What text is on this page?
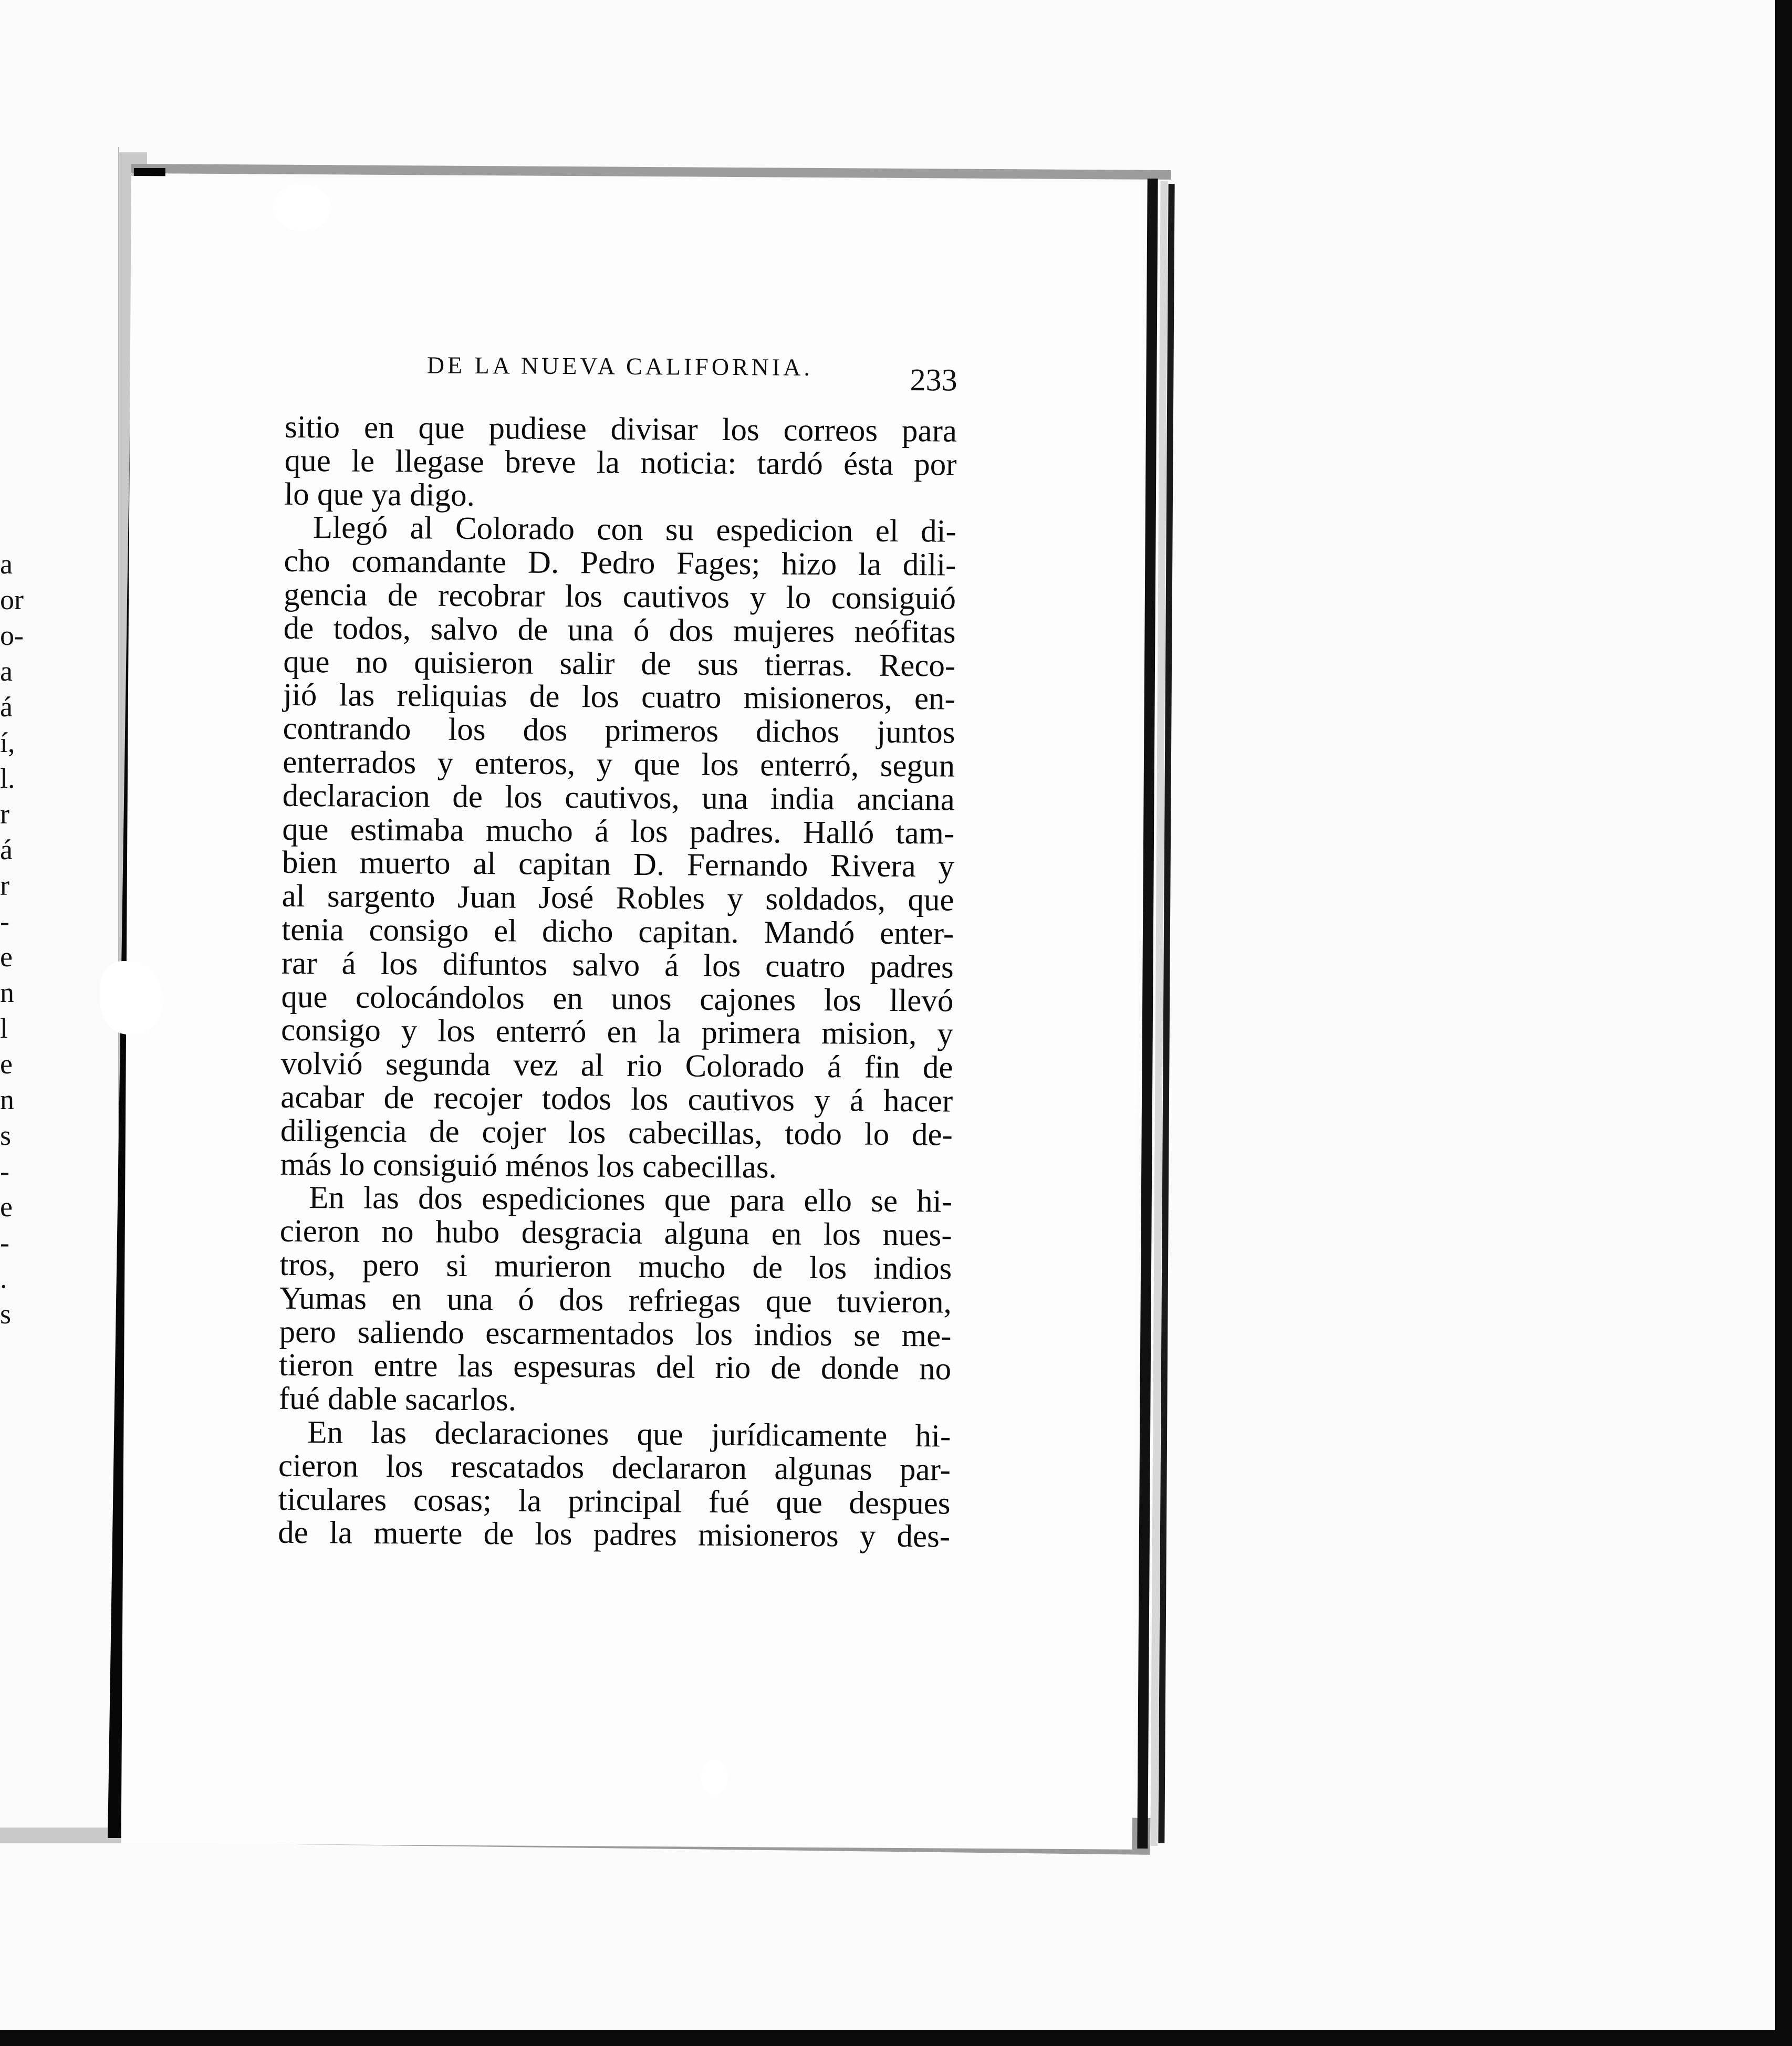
a
or
o-
a
á
í,
l.
r
á
r
-
e
n
l
e
n
s
-
e
-
.
s
DE LA NUEVA CALIFORNIA.	233
sitio en que pudiese divisar los correos para
que le llegase breve la noticia: tardó ésta por
lo que ya digo.
Llegó al Colorado con su espedicion el di-
cho comandante D. Pedro Fages; hizo la dili-
gencia de recobrar los cautivos y lo consiguió
de todos, salvo de una ó dos mujeres neófitas
que no quisieron salir de sus tierras. Reco-
jió las reliquias de los cuatro misioneros, en-
contrando los dos primeros dichos juntos
enterrados y enteros, y que los enterró, segun
declaracion de los cautivos, una india anciana
que estimaba mucho á los padres. Halló tam-
bien muerto al capitan D. Fernando Rivera y
al sargento Juan José Robles y soldados, que
tenia consigo el dicho capitan. Mandó enter-
rar á los difuntos salvo á los cuatro padres
que colocándolos en unos cajones los llevó
consigo y los enterró en la primera mision, y
volvió segunda vez al rio Colorado á fin de
acabar de recojer todos los cautivos y á hacer
diligencia de cojer los cabecillas, todo lo de-
más lo consiguió ménos los cabecillas.
En las dos espediciones que para ello se hi-
cieron no hubo desgracia alguna en los nues-
tros, pero si murieron mucho de los indios
Yumas en una ó dos refriegas que tuvieron,
pero saliendo escarmentados los indios se me-
tieron entre las espesuras del rio de donde no
fué dable sacarlos.
En las declaraciones que jurídicamente hi-
cieron los rescatados declararon algunas par-
ticulares cosas; la principal fué que despues
de la muerte de los padres misioneros y des-
